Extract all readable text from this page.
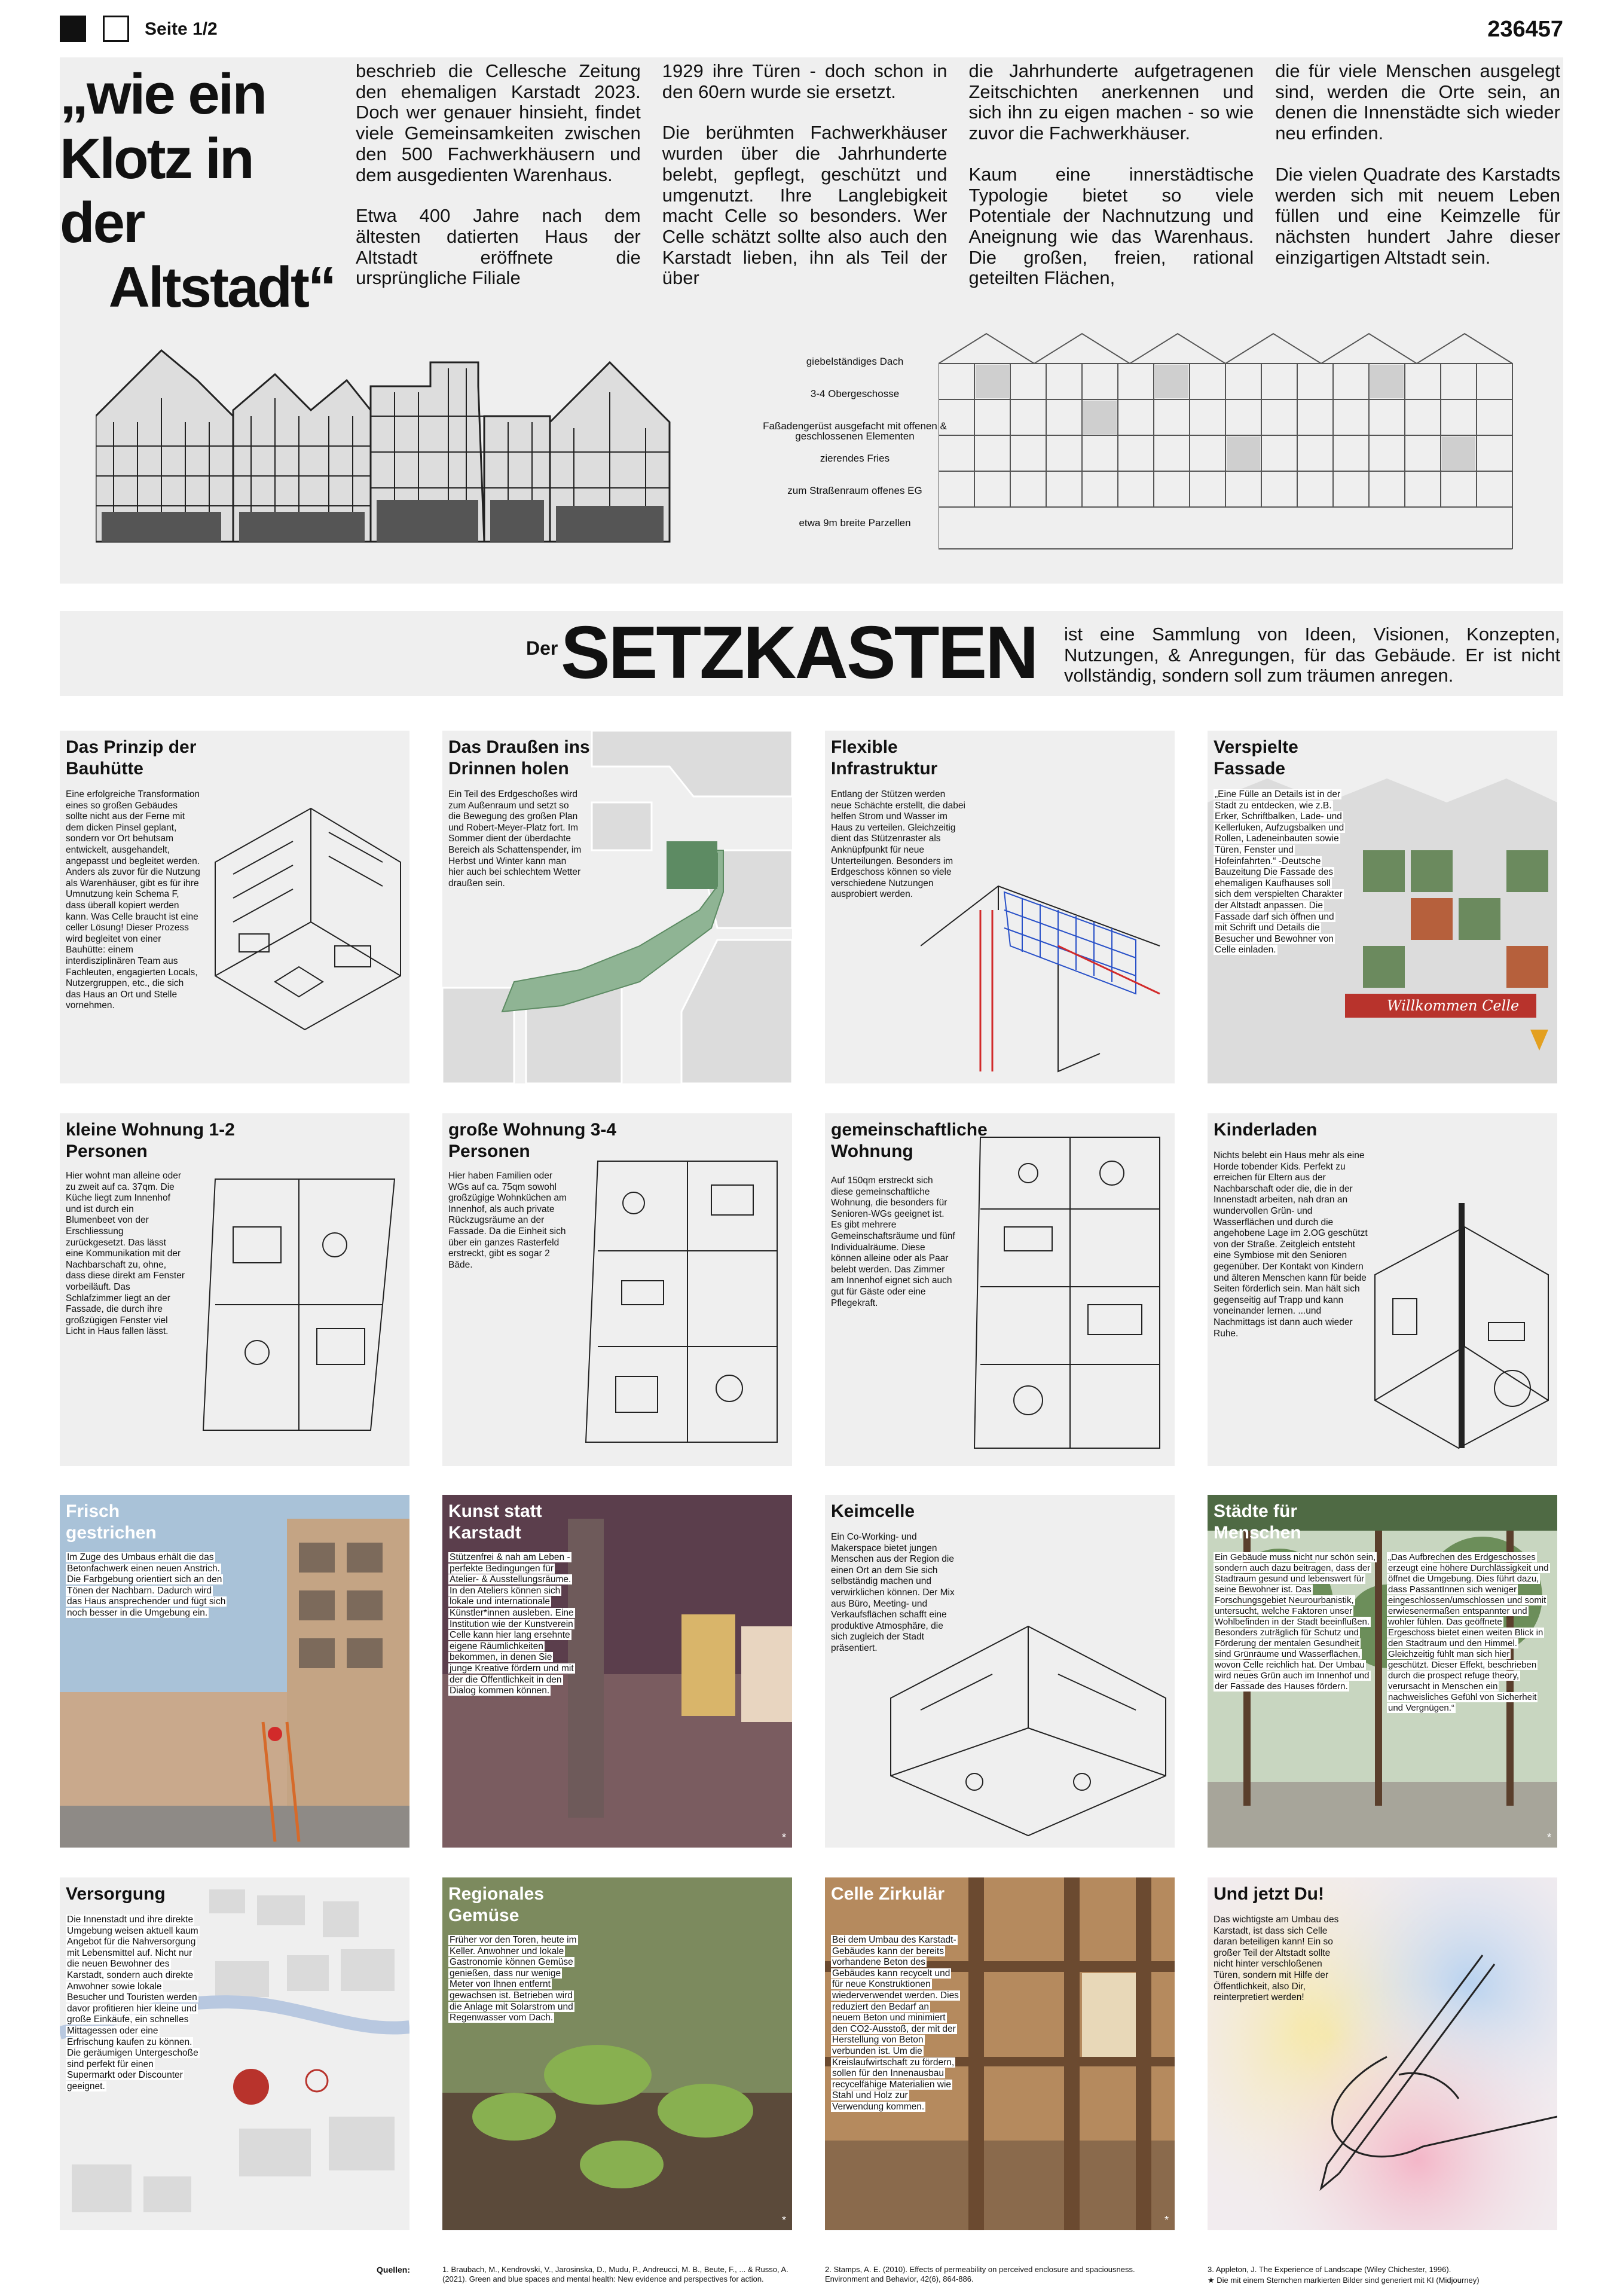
Seite 1/2	236457
„wie ein
Klotz in der
Altstadt“

beschrieb die Cellesche Zeitung den ehemaligen Karstadt 2023. Doch wer genauer hinsieht, findet viele Gemeinsamkeiten zwischen den 500 Fachwerkhäusern und dem ausgedienten Warenhaus.

Etwa 400 Jahre nach dem ältesten datierten Haus der Altstadt eröffnete die ursprüngliche Filiale

1929 ihre Türen - doch schon in den 60ern wurde sie ersetzt.

Die berühmten Fachwerkhäuser wurden über die Jahrhunderte belebt, gepflegt, geschützt und umgenutzt. Ihre Langlebigkeit macht Celle so besonders. Wer Celle schätzt sollte also auch den Karstadt lieben, ihn als Teil der über

die Jahrhunderte aufgetragenen Zeitschichten anerkennen und sich ihn zu eigen machen - so wie zuvor die Fachwerkhäuser.

Kaum eine innerstädtische Typologie bietet so viele Potentiale der Nachnutzung und Aneignung wie das Warenhaus. Die großen, freien, rational geteilten Flächen,

die für viele Menschen ausgelegt sind, werden die Orte sein, an denen die Innenstädte sich wieder neu erfinden.

Die vielen Quadrate des Karstadts werden sich mit neuem Leben füllen und eine Keimzelle für nächsten hundert Jahre dieser einzigartigen Altstadt sein.

giebelständiges Dach
3-4 Obergeschosse
Faßadengerüst ausgefacht mit offenen & geschlossenen Elementen
zierendes Fries
zum Straßenraum offenes EG
etwa 9m breite Parzellen
Der SETZKASTEN ist eine Sammlung von Ideen, Visionen, Konzepten, Nutzungen, & Anregungen, für das Gebäude. Er ist nicht vollständig, sondern soll zum träumen anregen.
Das Prinzip der Bauhütte
Eine erfolgreiche Transformation eines so großen Gebäudes sollte nicht aus der Ferne mit dem dicken Pinsel geplant, sondern vor Ort behutsam entwickelt, ausgehandelt, angepasst und begleitet werden. Anders als zuvor für die Nutzung als Warenhäuser, gibt es für ihre Umnutzung kein Schema F, dass überall kopiert werden kann. Was Celle braucht ist eine celler Lösung! Dieser Prozess wird begleitet von einer Bauhütte: einem interdisziplinären Team aus Fachleuten, engagierten Locals, Nutzergruppen, etc., die sich das Haus an Ort und Stelle vornehmen.
Das Draußen ins Drinnen holen
Ein Teil des Erdgeschoßes wird zum Außenraum und setzt so die Bewegung des großen Plan und Robert-Meyer-Platz fort. Im Sommer dient der überdachte Bereich als Schattenspender, im Herbst und Winter kann man hier auch bei schlechtem Wetter draußen sein.
Flexible Infrastruktur
Entlang der Stützen werden neue Schächte erstellt, die dabei helfen Strom und Wasser im Haus zu verteilen. Gleichzeitig dient das Stützenraster als Anknüpfpunkt für neue Unterteilungen. Besonders im Erdgeschoss können so viele verschiedene Nutzungen ausprobiert werden.
Verspielte Fassade
„Eine Fülle an Details ist in der Stadt zu entdecken, wie z.B. Erker, Schriftbalken, Lade- und Kellerluken, Aufzugsbalken und Rollen, Ladeneinbauten sowie Türen, Fenster und Hofeinfahrten.“ -Deutsche Bauzeitung Die Fassade des ehemaligen Kaufhauses soll sich dem verspielten Charakter der Altstadt anpassen. Die Fassade darf sich öffnen und mit Schrift und Details die Besucher und Bewohner von Celle einladen.
Willkommen Celle
kleine Wohnung 1-2 Personen
Hier wohnt man alleine oder zu zweit auf ca. 37qm. Die Küche liegt zum Innenhof und ist durch ein Blumenbeet von der Erschliessung zurückgesetzt. Das lässt eine Kommunikation mit der Nachbarschaft zu, ohne, dass diese direkt am Fenster vorbeiläuft. Das Schlafzimmer liegt an der Fassade, die durch ihre großzügigen Fenster viel Licht in Haus fallen lässt.
große Wohnung 3-4 Personen
Hier haben Familien oder WGs auf ca. 75qm sowohl großzügige Wohnküchen am Innenhof, als auch private Rückzugsräume an der Fassade. Da die Einheit sich über ein ganzes Rasterfeld erstreckt, gibt es sogar 2 Bäde.
gemeinschaftliche Wohnung
Auf 150qm erstreckt sich diese gemeinschaftliche Wohnung, die besonders für Senioren-WGs geeignet ist. Es gibt mehrere Gemeinschaftsräume und fünf Individualräume. Diese können alleine oder als Paar belebt werden. Das Zimmer am Innenhof eignet sich auch gut für Gäste oder eine Pflegekraft.
Kinderladen
Nichts belebt ein Haus mehr als eine Horde tobender Kids. Perfekt zu erreichen für Eltern aus der Nachbarschaft oder die, die in der Innenstadt arbeiten, nah dran an wundervollen Grün- und Wasserflächen und durch die angehobene Lage im 2.OG geschützt von der Straße. Zeitgleich entsteht eine Symbiose mit den Senioren gegenüber. Der Kontakt von Kindern und älteren Menschen kann für beide Seiten förderlich sein. Man hält sich gegenseitig auf Trapp und kann voneinander lernen. ...und Nachmittags ist dann auch wieder Ruhe.
Frisch gestrichen
Im Zuge des Umbaus erhält die das Betonfachwerk einen neuen Anstrich. Die Farbgebung orientiert sich an den Tönen der Nachbarn. Dadurch wird das Haus ansprechender und fügt sich noch besser in die Umgebung ein.
Kunst statt Karstadt
Stützenfrei & nah am Leben - perfekte Bedingungen für Atelier- & Ausstellungsräume. In den Ateliers können sich lokale und internationale Künstler*innen ausleben. Eine Institution wie der Kunstverein Celle kann hier lang ersehnte eigene Räumlichkeiten bekommen, in denen Sie junge Kreative fördern und mit der die Öffentlichkeit in den Dialog kommen können.
*
Keimcelle
Ein Co-Working- und Makerspace bietet jungen Menschen aus der Region die einen Ort an dem Sie sich selbständig machen und verwirklichen können. Der Mix aus Büro, Meeting- und Verkaufsflächen schafft eine produktive Atmosphäre, die sich zugleich der Stadt präsentiert.
Städte für Menschen
Ein Gebäude muss nicht nur schön sein, sondern auch dazu beitragen, dass der Stadtraum gesund und lebenswert für seine Bewohner ist. Das Forschungsgebiet Neurourbanistik, untersucht, welche Faktoren unser Wohlbefinden in der Stadt beeinflußen. Besonders zuträglich für Schutz und Förderung der mentalen Gesundheit sind Grünräume und Wasserflächen, wovon Celle reichlich hat. Der Umbau wird neues Grün auch im Innenhof und der Fassade des Hauses fördern.
„Das Aufbrechen des Erdgeschosses erzeugt eine höhere Durchlässigkeit und öffnet die Umgebung. Dies führt dazu, dass PassantInnen sich weniger eingeschlossen/umschlossen und somit erwiesenermaßen entspannter und wohler fühlen. Das geöffnete Ergeschoss bietet einen weiten Blick in den Stadtraum und den Himmel. Gleichzeitig fühlt man sich hier geschützt. Dieser Effekt, beschrieben durch die prospect refuge theory, verursacht in Menschen ein nachweisliches Gefühl von Sicherheit und Vergnügen.“
*
Versorgung
Die Innenstadt und ihre direkte Umgebung weisen aktuell kaum Angebot für die Nahversorgung mit Lebensmittel auf. Nicht nur die neuen Bewohner des Karstadt, sondern auch direkte Anwohner sowie lokale Besucher und Touristen werden davor profitieren hier kleine und große Einkäufe, ein schnelles Mittagessen oder eine Erfrischung kaufen zu können. Die geräumigen Untergeschoße sind perfekt für einen Supermarkt oder Discounter geeignet.
Regionales Gemüse
Früher vor den Toren, heute im Keller. Anwohner und lokale Gastronomie können Gemüse genießen, dass nur wenige Meter von Ihnen entfernt gewachsen ist. Betrieben wird die Anlage mit Solarstrom und Regenwasser vom Dach.
*
Celle Zirkulär
Bei dem Umbau des Karstadt-Gebäudes kann der bereits vorhandene Beton des Gebäudes kann recycelt und für neue Konstruktionen wiederverwendet werden. Dies reduziert den Bedarf an neuem Beton und minimiert den CO2-Ausstoß, der mit der Herstellung von Beton verbunden ist. Um die Kreislaufwirtschaft zu fördern, sollen für den Innenausbau recycelfähige Materialien wie Stahl und Holz zur Verwendung kommen.
*
Und jetzt Du!
Das wichtigste am Umbau des Karstadt, ist dass sich Celle daran beteiligen kann! Ein so großer Teil der Altstadt sollte nicht hinter verschloßenen Türen, sondern mit Hilfe der Öffentlichkeit, also Dir, reinterpretiert werden!
Quellen:	1. Braubach, M., Kendrovski, V., Jarosinska, D., Mudu, P., Andreucci, M. B., Beute, F., ... & Russo, A. (2021). Green and blue spaces and mental health: New evidence and perspectives for action.
2. Stamps, A. E. (2010). Effects of permeability on perceived enclosure and spaciousness. Environment and Behavior, 42(6), 864-886.
3. Appleton, J. The Experience of Landscape (Wiley Chichester, 1996).
★ Die mit einem Sternchen markierten Bilder sind generiert mit KI (Midjourney)
